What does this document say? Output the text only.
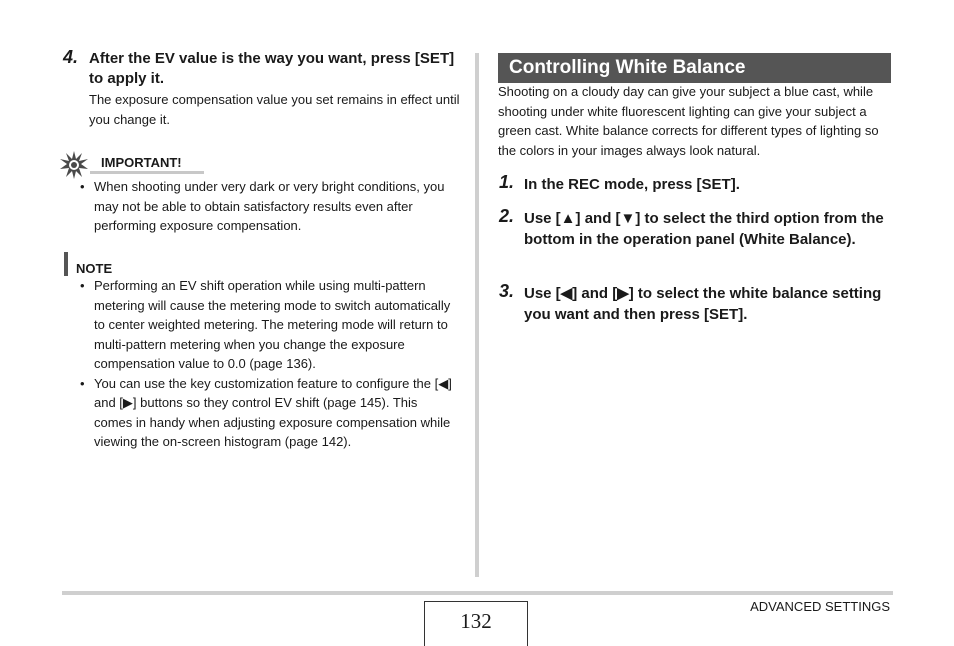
4. After the EV value is the way you want, press [SET] to apply it.
The exposure compensation value you set remains in effect until you change it.
IMPORTANT!
• When shooting under very dark or very bright conditions, you may not be able to obtain satisfactory results even after performing exposure compensation.
NOTE
• Performing an EV shift operation while using multi-pattern metering will cause the metering mode to switch automatically to center weighted metering. The metering mode will return to multi-pattern metering when you change the exposure compensation value to 0.0 (page 136).
• You can use the key customization feature to configure the [◀] and [▶] buttons so they control EV shift (page 145). This comes in handy when adjusting exposure compensation while viewing the on-screen histogram (page 142).
Controlling White Balance
Shooting on a cloudy day can give your subject a blue cast, while shooting under white fluorescent lighting can give your subject a green cast. White balance corrects for different types of lighting so the colors in your images always look natural.
1. In the REC mode, press [SET].
2. Use [▲] and [▼] to select the third option from the bottom in the operation panel (White Balance).
3. Use [◀] and [▶] to select the white balance setting you want and then press [SET].
132
ADVANCED SETTINGS
